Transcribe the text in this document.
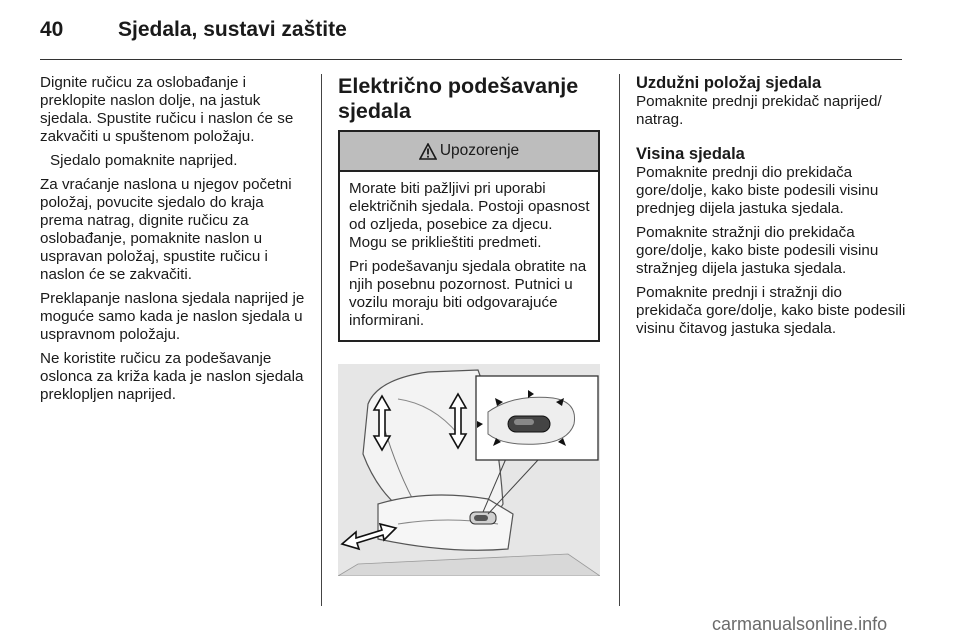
40	Sjedala, sustavi zaštite

Dignite ručicu za oslobađanje i preklopite naslon dolje, na jastuk sjedala. Spustite ručicu i naslon će se zakvačiti u spuštenom položaju.

Sjedalo pomaknite naprijed.

Za vraćanje naslona u njegov početni položaj, povucite sjedalo do kraja prema natrag, dignite ručicu za oslobađanje, pomaknite naslon u uspravan položaj, spustite ručicu i naslon će se zakvačiti.

Preklapanje naslona sjedala naprijed je moguće samo kada je naslon sjedala u uspravnom položaju.

Ne koristite ručicu za podešavanje oslonca za križa kada je naslon sjedala preklopljen naprijed.

Električno podešavanje sjedala
Upozorenje

Morate biti pažljivi pri uporabi električnih sjedala. Postoji opasnost od ozljeda, posebice za djecu. Mogu se priklieštiti predmeti.

Pri podešavanju sjedala obratite na njih posebnu pozornost. Putnici u vozilu moraju biti odgovarajuće informirani.

Uzdužni položaj sjedala

Pomaknite prednji prekidač naprijed/ natrag.

Visina sjedala

Pomaknite prednji dio prekidača gore/dolje, kako biste podesili visinu prednjeg dijela jastuka sjedala.

Pomaknite stražnji dio prekidača gore/dolje, kako biste podesili visinu stražnjeg dijela jastuka sjedala.

Pomaknite prednji i stražnji dio prekidača gore/dolje, kako biste podesili visinu čitavog jastuka sjedala.

carmanualsonline.info
